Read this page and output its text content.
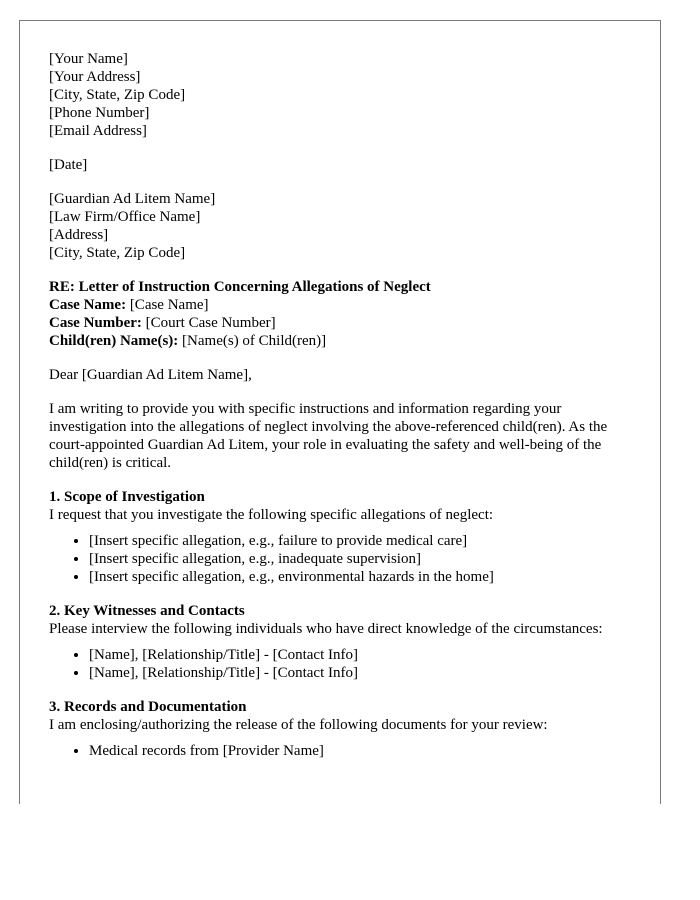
[Your Name]
[Your Address]
[City, State, Zip Code]
[Phone Number]
[Email Address]
[Date]
[Guardian Ad Litem Name]
[Law Firm/Office Name]
[Address]
[City, State, Zip Code]
RE: Letter of Instruction Concerning Allegations of Neglect
Case Name: [Case Name]
Case Number: [Court Case Number]
Child(ren) Name(s): [Name(s) of Child(ren)]
Dear [Guardian Ad Litem Name],

I am writing to provide you with specific instructions and information regarding your investigation into the allegations of neglect involving the above-referenced child(ren). As the court-appointed Guardian Ad Litem, your role in evaluating the safety and well-being of the child(ren) is critical.

1. Scope of Investigation

I request that you investigate the following specific allegations of neglect:

• [Insert specific allegation, e.g., failure to provide medical care]
• [Insert specific allegation, e.g., inadequate supervision]
• [Insert specific allegation, e.g., environmental hazards in the home]
2. Key Witnesses and Contacts

Please interview the following individuals who have direct knowledge of the circumstances:

• [Name], [Relationship/Title] - [Contact Info]
• [Name], [Relationship/Title] - [Contact Info]
3. Records and Documentation

I am enclosing/authorizing the release of the following documents for your review:

• Medical records from [Provider Name]
